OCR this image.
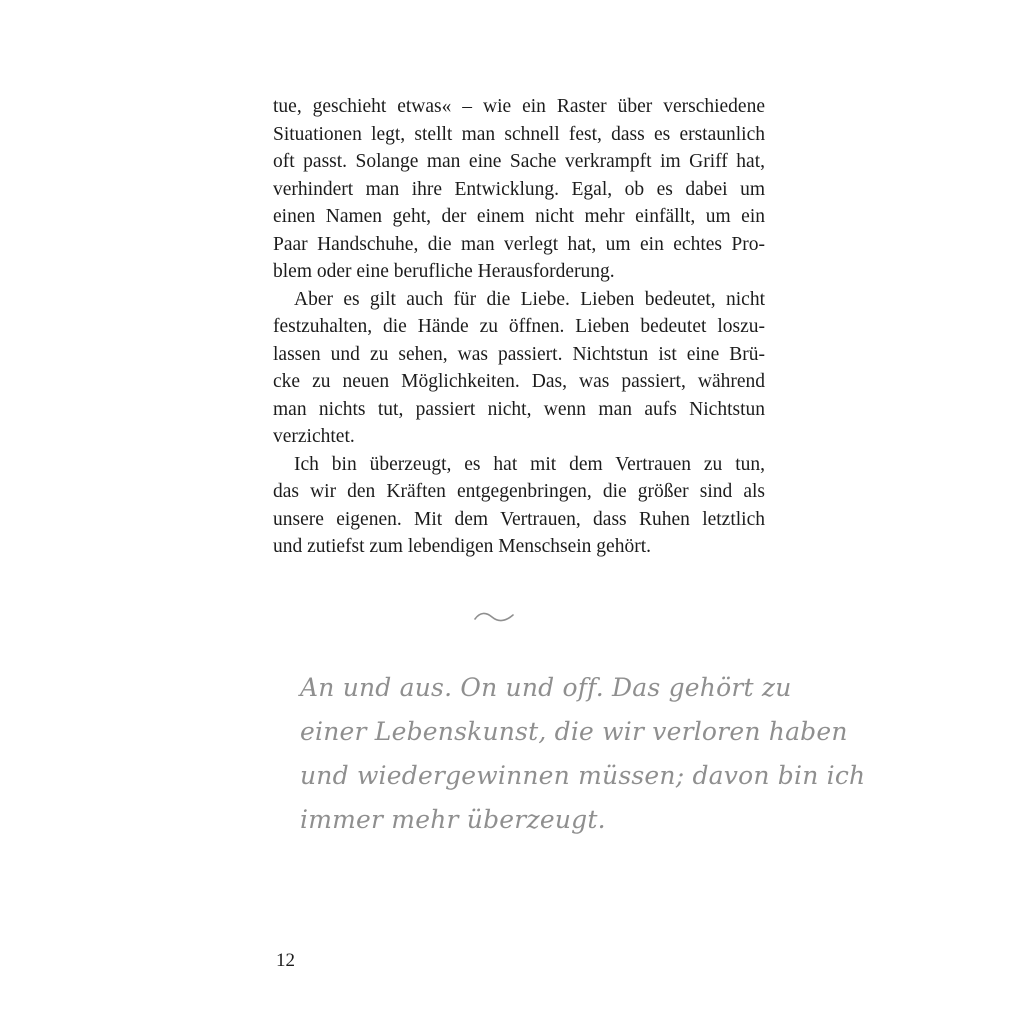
tue, geschieht etwas« – wie ein Raster über verschiedene
Situationen legt, stellt man schnell fest, dass es erstaunlich
oft passt. Solange man eine Sache verkrampft im Griff hat,
verhindert man ihre Entwicklung. Egal, ob es dabei um
einen Namen geht, der einem nicht mehr einfällt, um ein
Paar Handschuhe, die man verlegt hat, um ein echtes Pro-
blem oder eine berufliche Herausforderung.
Aber es gilt auch für die Liebe. Lieben bedeutet, nicht
festzuhalten, die Hände zu öffnen. Lieben bedeutet loszu-
lassen und zu sehen, was passiert. Nichtstun ist eine Brü-
cke zu neuen Möglichkeiten. Das, was passiert, während
man nichts tut, passiert nicht, wenn man aufs Nichtstun
verzichtet.
Ich bin überzeugt, es hat mit dem Vertrauen zu tun,
das wir den Kräften entgegenbringen, die größer sind als
unsere eigenen. Mit dem Vertrauen, dass Ruhen letztlich
und zutiefst zum lebendigen Menschsein gehört.
An und aus. On und off. Das gehört zu
einer Lebenskunst, die wir verloren haben
und wiedergewinnen müssen; davon bin ich
immer mehr überzeugt.
12
